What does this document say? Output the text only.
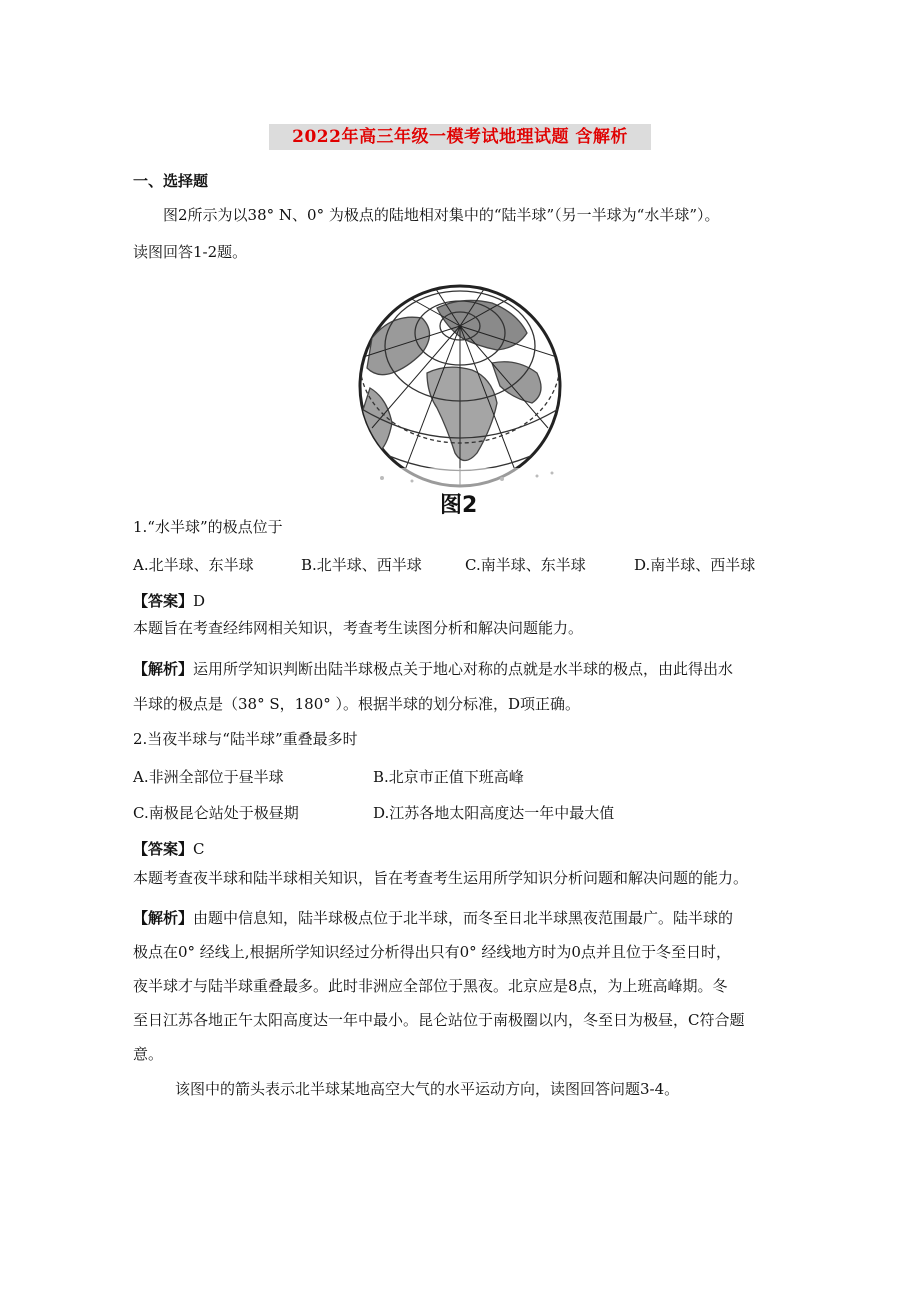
2022年高三年级一模考试地理试题 含解析
一、选择题
图2所示为以38° N、0° 为极点的陆地相对集中的“陆半球”（另一半球为“水半球”）。
读图回答1-2题。
图2
1.“水半球”的极点位于
A.北半球、东半球	B.北半球、西半球	C.南半球、东半球	D.南半球、西半球
【答案】D
本题旨在考查经纬网相关知识，考查考生读图分析和解决问题能力。
【解析】运用所学知识判断出陆半球极点关于地心对称的点就是水半球的极点，由此得出水
半球的极点是（38° S，180° ）。根据半球的划分标准，D项正确。
2.当夜半球与“陆半球”重叠最多时
A.非洲全部位于昼半球	B.北京市正值下班高峰
C.南极昆仑站处于极昼期	D.江苏各地太阳高度达一年中最大值
【答案】C
本题考查夜半球和陆半球相关知识，旨在考查考生运用所学知识分析问题和解决问题的能力。
【解析】由题中信息知，陆半球极点位于北半球，而冬至日北半球黑夜范围最广。陆半球的
极点在0° 经线上,根据所学知识经过分析得出只有0° 经线地方时为0点并且位于冬至日时，
夜半球才与陆半球重叠最多。此时非洲应全部位于黑夜。北京应是8点，为上班高峰期。冬
至日江苏各地正午太阳高度达一年中最小。昆仑站位于南极圈以内，冬至日为极昼，C符合题
意。
该图中的箭头表示北半球某地高空大气的水平运动方向，读图回答问题3-4。
